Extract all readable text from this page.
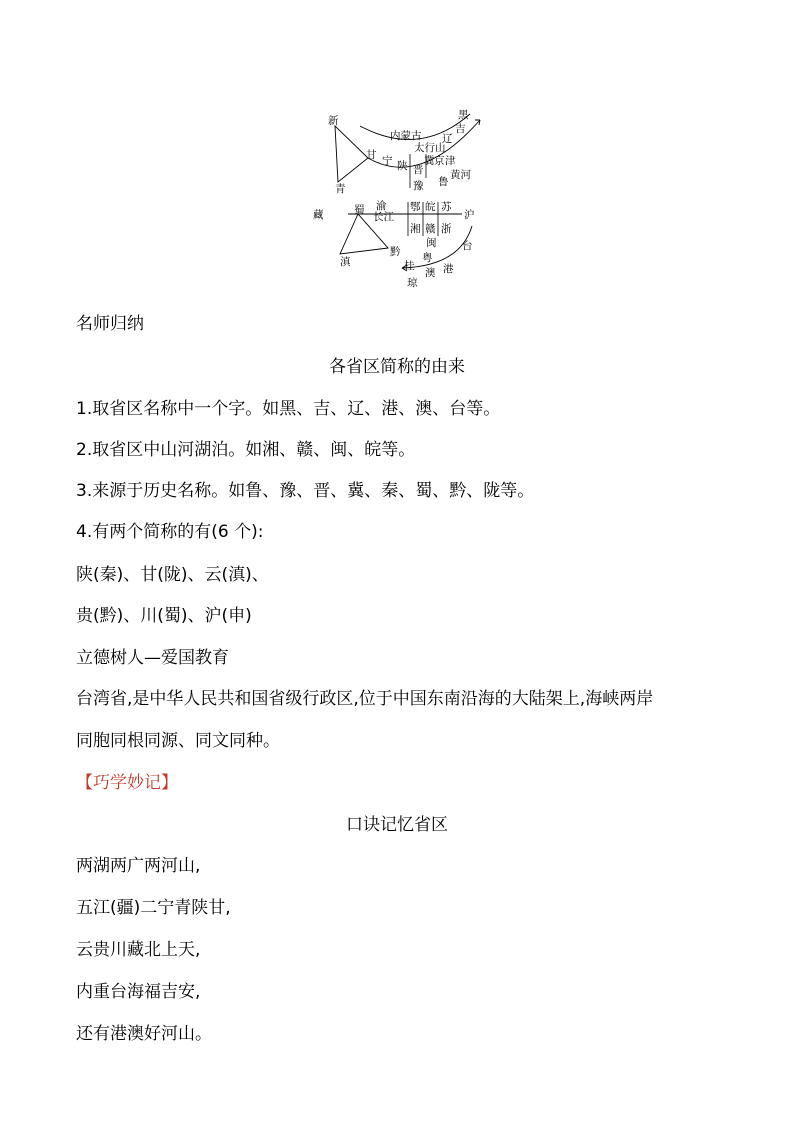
新
青
内蒙古
黑
吉
辽
甘 宁 陕
太行山
晋
冀 京 津
豫 鲁
黄河
藏	蜀 渝
长江
鄂 皖 苏
沪
湘 赣 浙
闽 台
滇
黔 粤
港
桂
澳
琼
名师归纳
各省区简称的由来
1.取省区名称中一个字。如黑、吉、辽、港、澳、台等。
2.取省区中山河湖泊。如湘、赣、闽、皖等。
3.来源于历史名称。如鲁、豫、晋、冀、秦、蜀、黔、陇等。
4.有两个简称的有(6 个):
陕(秦)、甘(陇)、云(滇)、
贵(黔)、川(蜀)、沪(申)
立德树人—爱国教育
台湾省,是中华人民共和国省级行政区,位于中国东南沿海的大陆架上,海峡两岸
同胞同根同源、同文同种。
【巧学妙记】
口诀记忆省区
两湖两广两河山,
五江(疆)二宁青陕甘,
云贵川藏北上天,
内重台海福吉安,
还有港澳好河山。
